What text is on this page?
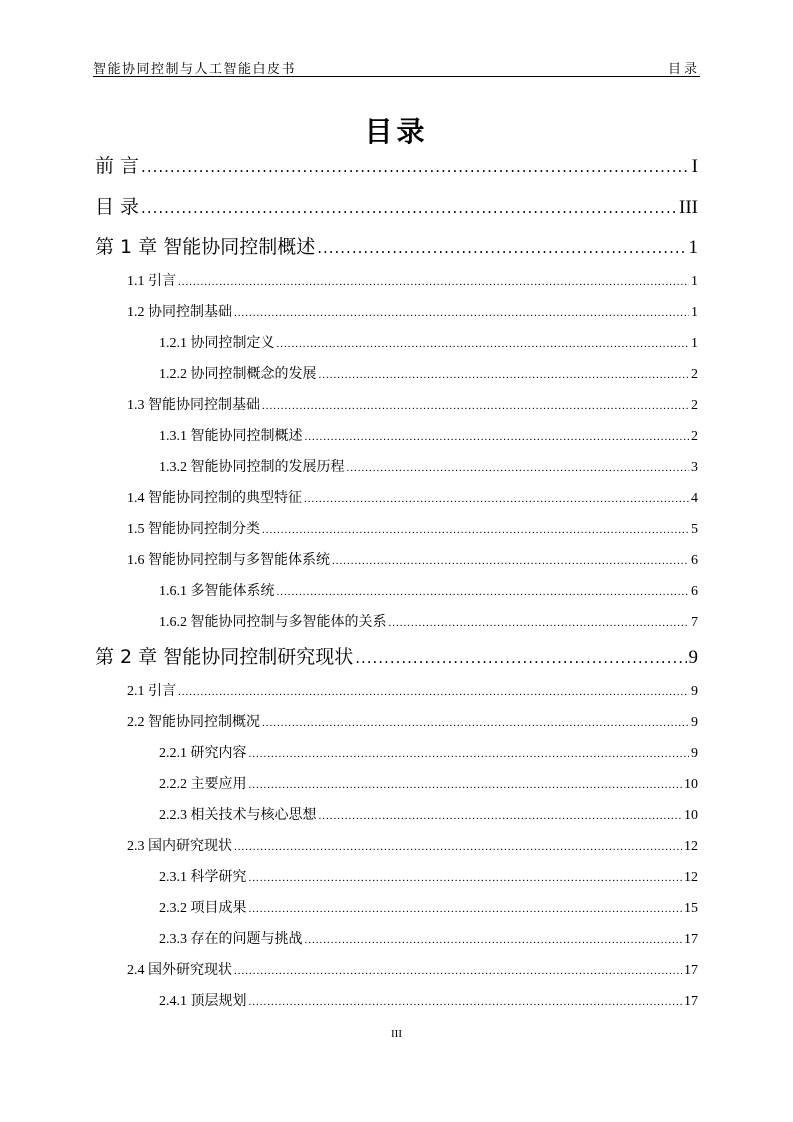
智能协同控制与人工智能白皮书	目录
目录
前 言 .....	I
目 录 .....	III
第 1 章 智能协同控制概述 .....	1
1.1 引言 .....	1
1.2 协同控制基础 .....	1
1.2.1 协同控制定义 .....	1
1.2.2 协同控制概念的发展 .....	2
1.3 智能协同控制基础 .....	2
1.3.1 智能协同控制概述 .....	2
1.3.2 智能协同控制的发展历程 .....	3
1.4 智能协同控制的典型特征 .....	4
1.5 智能协同控制分类 .....	5
1.6 智能协同控制与多智能体系统 .....	6
1.6.1 多智能体系统 .....	6
1.6.2 智能协同控制与多智能体的关系 .....	7
第 2 章 智能协同控制研究现状 .....	9
2.1 引言 .....	9
2.2 智能协同控制概况 .....	9
2.2.1 研究内容 .....	9
2.2.2 主要应用 .....	10
2.2.3 相关技术与核心思想 .....	10
2.3 国内研究现状 .....	12
2.3.1 科学研究 .....	12
2.3.2 项目成果 .....	15
2.3.3 存在的问题与挑战 .....	17
2.4 国外研究现状 .....	17
2.4.1 顶层规划 .....	17
III
